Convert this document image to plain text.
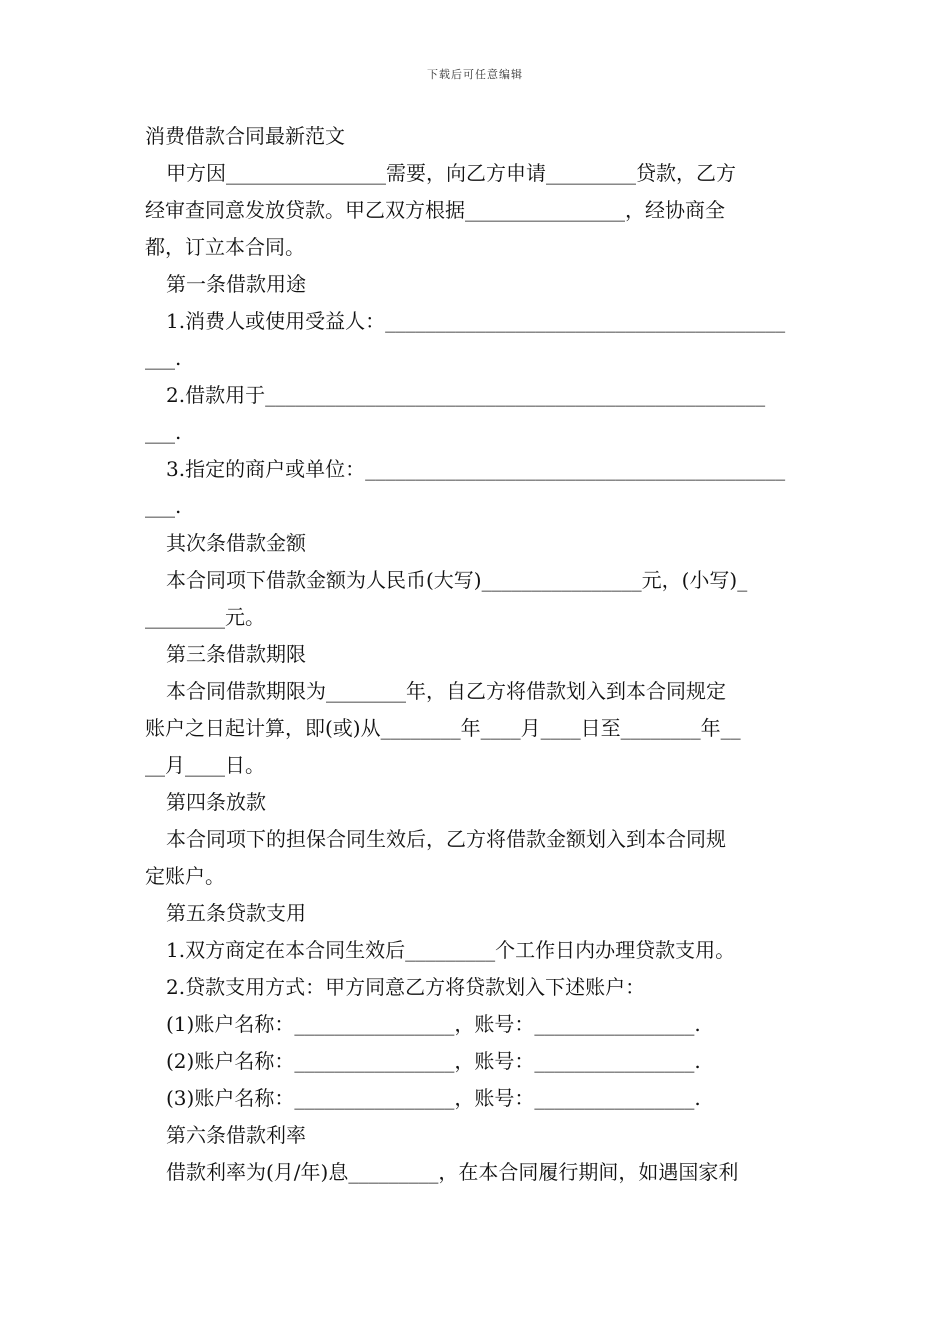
下载后可任意编辑
消费借款合同最新范文
甲方因________________需要，向乙方申请_________贷款，乙方
经审查同意发放贷款。甲乙双方根据________________，经协商全
都，订立本合同。
第一条借款用途
1.消费人或使用受益人：________________________________________
___.
2.借款用于__________________________________________________
___.
3.指定的商户或单位：__________________________________________
___.
其次条借款金额
本合同项下借款金额为人民币(大写)________________元，(小写)_
________元。
第三条借款期限
本合同借款期限为________年，自乙方将借款划入到本合同规定
账户之日起计算，即(或)从________年____月____日至________年__
__月____日。
第四条放款
本合同项下的担保合同生效后，乙方将借款金额划入到本合同规
定账户。
第五条贷款支用
1.双方商定在本合同生效后_________个工作日内办理贷款支用。
2.贷款支用方式：甲方同意乙方将贷款划入下述账户：
(1)账户名称：________________，账号：________________.
(2)账户名称：________________，账号：________________.
(3)账户名称：________________，账号：________________.
第六条借款利率
借款利率为(月/年)息_________，在本合同履行期间，如遇国家利
